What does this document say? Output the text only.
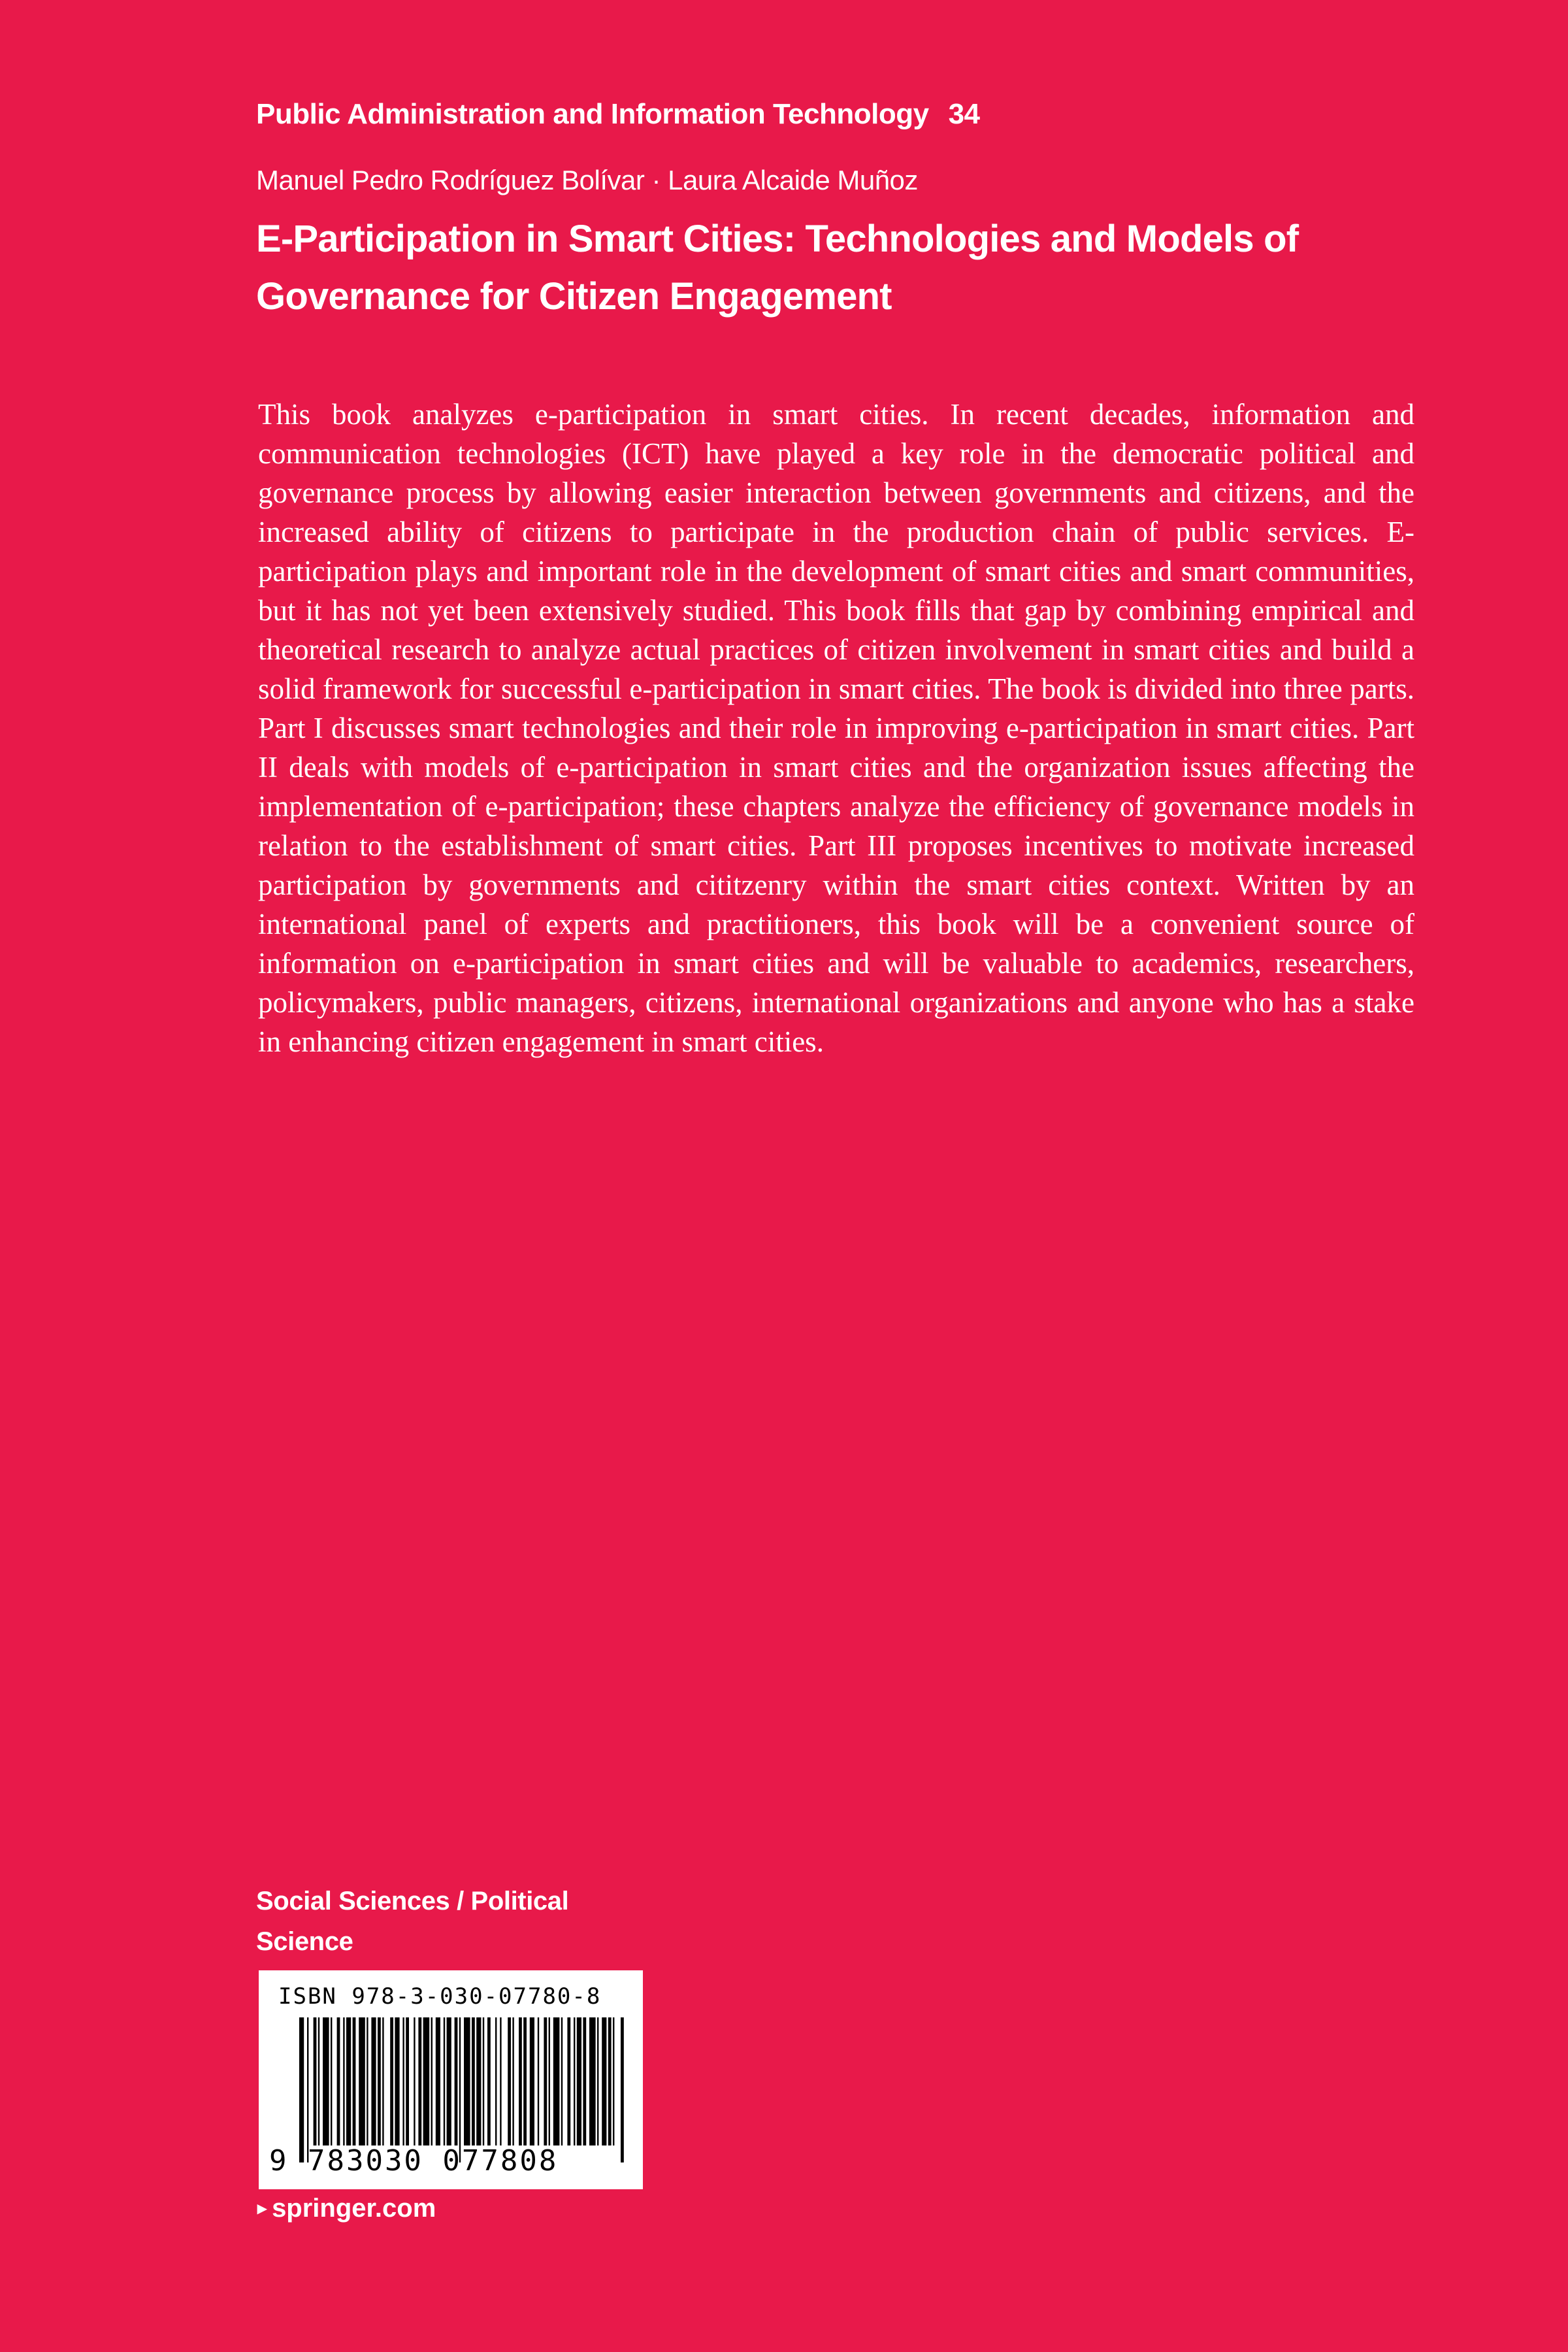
Public Administration and Information Technology 34
Manuel Pedro Rodríguez Bolívar · Laura Alcaide Muñoz
E-Participation in Smart Cities: Technologies and Models of Governance for Citizen Engagement
This book analyzes e-participation in smart cities. In recent decades, information and communication technologies (ICT) have played a key role in the democratic political and governance process by allowing easier interaction between governments and citizens, and the increased ability of citizens to participate in the production chain of public services. E-participation plays and important role in the development of smart cities and smart communities, but it has not yet been extensively studied. This book fills that gap by combining empirical and theoretical research to analyze actual practices of citizen involvement in smart cities and build a solid framework for successful e-participation in smart cities. The book is divided into three parts. Part I discusses smart technologies and their role in improving e-participation in smart cities. Part II deals with models of e-participation in smart cities and the organization issues affecting the implementation of e-participation; these chapters analyze the efficiency of governance models in relation to the establishment of smart cities. Part III proposes incentives to motivate increased participation by governments and cititzenry within the smart cities context. Written by an international panel of experts and practitioners, this book will be a convenient source of information on e-participation in smart cities and will be valuable to academics, researchers, policymakers, public managers, citizens, international organizations and anyone who has a stake in enhancing citizen engagement in smart cities.
Social Sciences / Political Science
ISBN 978-3-030-07780-8
9 783030 077808
▸ springer.com
